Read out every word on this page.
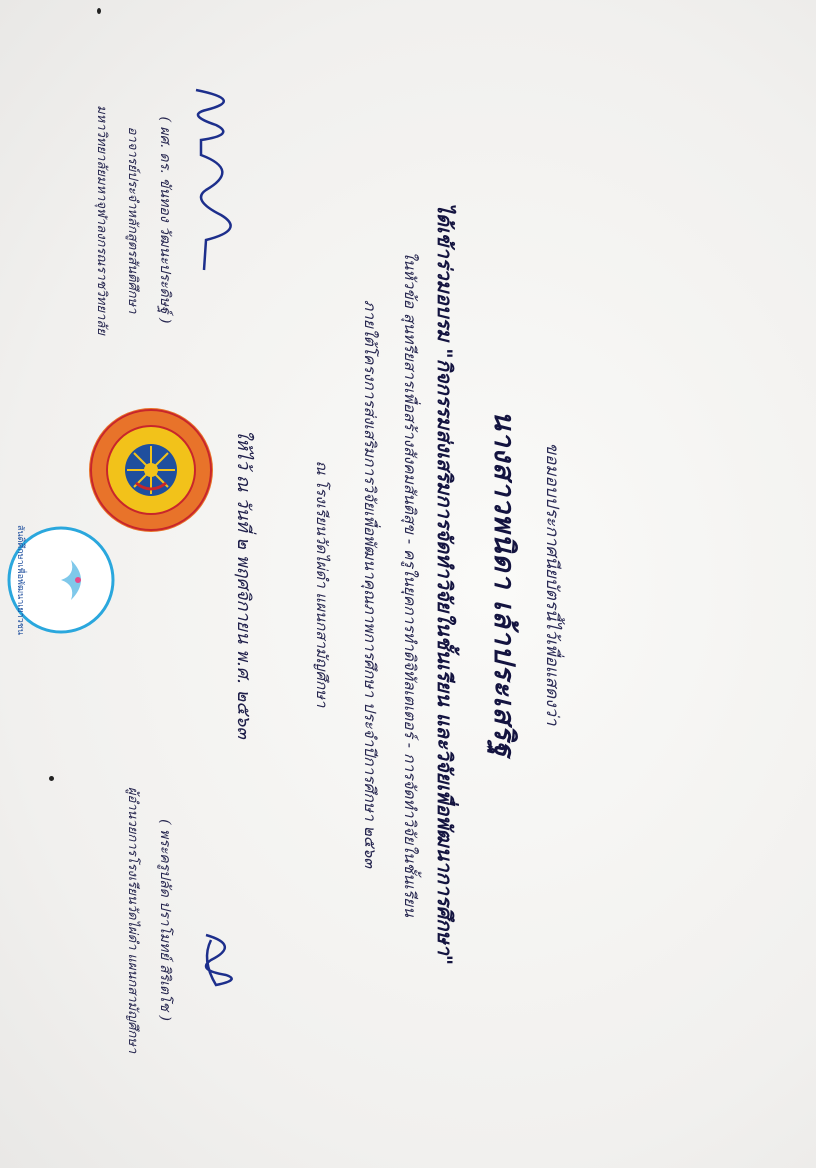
สันติศึกษาเพื่อพัฒนาเยาวชน	ขอมอบประกาศนียบัตรนี้ไว้เพื่อแสดงว่า
นางสาวพนิดา เล้าประเสริฐ
ได้เข้าร่วมอบรม "กิจกรรมส่งเสริมการจัดทำวิจัยในชั้นเรียน และวิจัยเพื่อพัฒนาการศึกษา"
ในหัวข้อ สุนทรียสารเพื่อสร้างสังคมสันติสุข - ครูในยุคการทำดิจิทัลเตเตอร์ - การจัดทำวิจัยในชั้นเรียน
ภายใต้โครงการส่งเสริมการวิจัยเพื่อพัฒนาคุณภาพการศึกษา ประจำปีการศึกษา ๒๕๖๓
ณ โรงเรียนวัดไผ่ดำ แผนกสามัญศึกษา
ให้ไว้ ณ วันที่ ๒ พฤศจิกายน พ.ศ. ๒๕๖๓
( ผศ. ดร. ขันทอง วัฒนะประดิษฐ์ )
อาจารย์ประจำหลักสูตรสันติศึกษา
มหาวิทยาลัยมหาจุฬาลงกรณราชวิทยาลัย
( พระครูปลัด ปราโมทย์ สิริเตโช )
ผู้อำนวยการโรงเรียนวัดไผ่ดำ แผนกสามัญศึกษา
